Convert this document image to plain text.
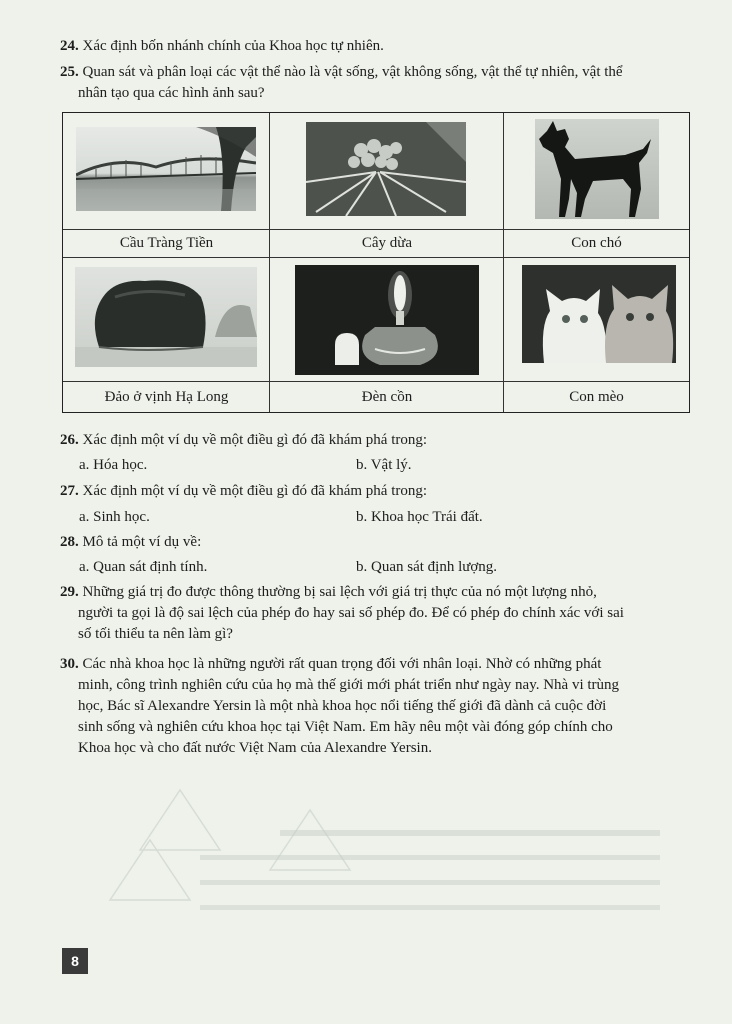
24. Xác định bốn nhánh chính của Khoa học tự nhiên.
25. Quan sát và phân loại các vật thể nào là vật sống, vật không sống, vật thể tự nhiên, vật thể
nhân tạo qua các hình ảnh sau?
Cầu Tràng Tiền	Cây dừa	Con chó
Đảo ở vịnh Hạ Long	Đèn cồn	Con mèo
26. Xác định một ví dụ về một điều gì đó đã khám phá trong:
a. Hóa học.	b. Vật lý.
27. Xác định một ví dụ về một điều gì đó đã khám phá trong:
a. Sinh học.	b. Khoa học Trái đất.
28. Mô tả một ví dụ về:
a. Quan sát định tính.	b. Quan sát định lượng.
29. Những giá trị đo được thông thường bị sai lệch với giá trị thực của nó một lượng nhỏ,
người ta gọi là độ sai lệch của phép đo hay sai số phép đo. Để có phép đo chính xác với sai
số tối thiểu ta nên làm gì?
30. Các nhà khoa học là những người rất quan trọng đối với nhân loại. Nhờ có những phát
minh, công trình nghiên cứu của họ mà thế giới mới phát triển như ngày nay. Nhà vi trùng
học, Bác sĩ Alexandre Yersin là một nhà khoa học nổi tiếng thế giới đã dành cả cuộc đời
sinh sống và nghiên cứu khoa học tại Việt Nam. Em hãy nêu một vài đóng góp chính cho
Khoa học và cho đất nước Việt Nam của Alexandre Yersin.
8
